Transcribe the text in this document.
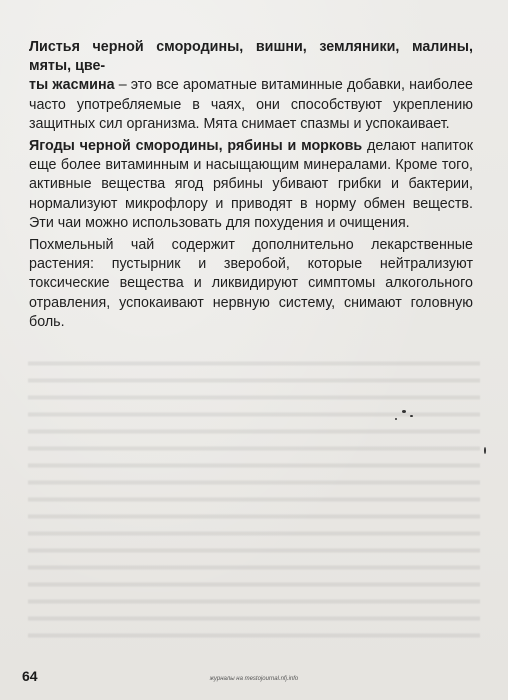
Листья черной смородины, вишни, земляники, малины, мяты, цве-
ты жасмина – это все ароматные витаминные добавки, наиболее часто употребляемые в чаях, они способствуют укреплению защитных сил организма. Мята снимает спазмы и успокаивает.

Ягоды черной смородины, рябины и морковь делают напиток еще более витаминным и насыщающим минералами. Кроме того, активные вещества ягод рябины убивают грибки и бактерии, нормализуют микрофлору и приводят в норму обмен веществ. Эти чаи можно использовать для похудения и очищения.

Похмельный чай содержит дополнительно лекарственные растения: пустырник и зверобой, которые нейтрализуют токсические вещества и ликвидируют симптомы алкогольного отравления, успокаивают нервную систему, снимают головную боль.

64	журналы на mestojournal.nfj.info
